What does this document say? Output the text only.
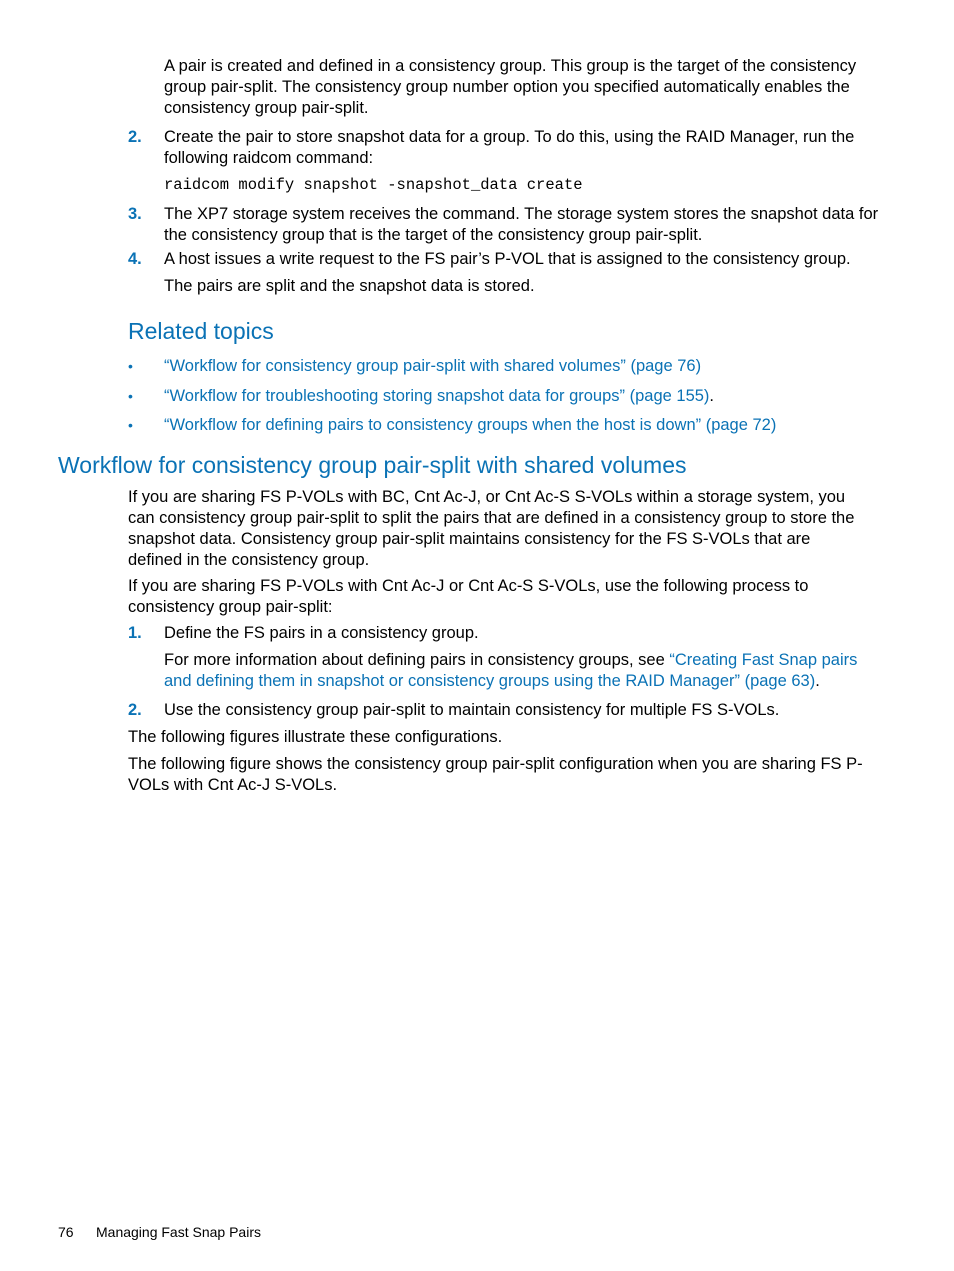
A pair is created and defined in a consistency group. This group is the target of the consistency group pair-split. The consistency group number option you specified automatically enables the consistency group pair-split.

2. Create the pair to store snapshot data for a group. To do this, using the RAID Manager, run the following raidcom command:

raidcom modify snapshot -snapshot_data create

3. The XP7 storage system receives the command. The storage system stores the snapshot data for the consistency group that is the target of the consistency group pair-split.

4. A host issues a write request to the FS pair’s P-VOL that is assigned to the consistency group.

The pairs are split and the snapshot data is stored.

Related topics
• “Workflow for consistency group pair-split with shared volumes” (page 76)

• “Workflow for troubleshooting storing snapshot data for groups” (page 155).

• “Workflow for defining pairs to consistency groups when the host is down” (page 72)

Workflow for consistency group pair-split with shared volumes

If you are sharing FS P-VOLs with BC, Cnt Ac-J, or Cnt Ac-S S-VOLs within a storage system, you can consistency group pair-split to split the pairs that are defined in a consistency group to store the snapshot data. Consistency group pair-split maintains consistency for the FS S-VOLs that are defined in the consistency group.

If you are sharing FS P-VOLs with Cnt Ac-J or Cnt Ac-S S-VOLs, use the following process to consistency group pair-split:

1. Define the FS pairs in a consistency group.

For more information about defining pairs in consistency groups, see “Creating Fast Snap pairs and defining them in snapshot or consistency groups using the RAID Manager” (page 63).

2. Use the consistency group pair-split to maintain consistency for multiple FS S-VOLs.

The following figures illustrate these configurations.

The following figure shows the consistency group pair-split configuration when you are sharing FS P-VOLs with Cnt Ac-J S-VOLs.

76 Managing Fast Snap Pairs
